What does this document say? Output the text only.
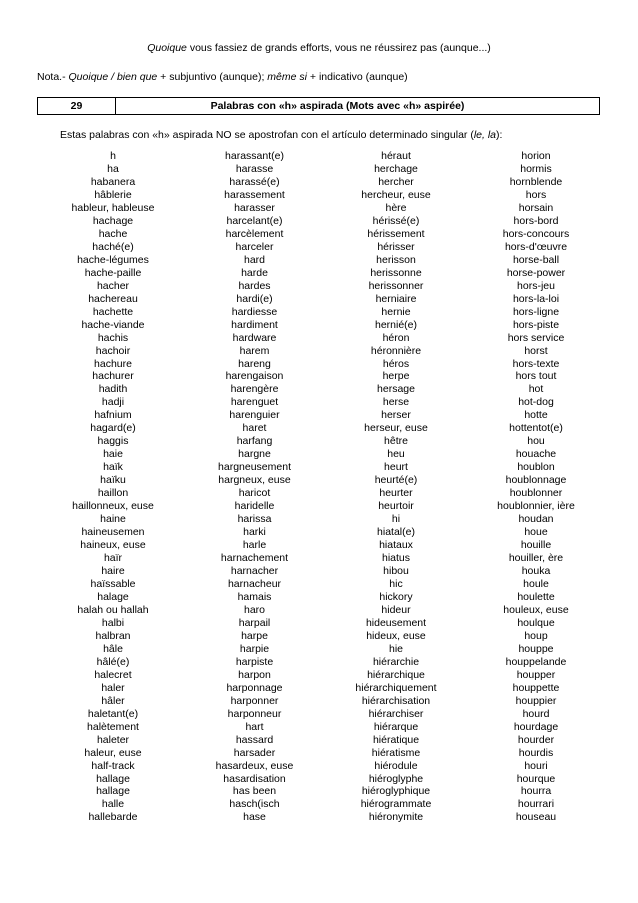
Quoique vous fassiez de grands efforts, vous ne réussirez pas (aunque...)
Nota.- Quoique / bien que + subjuntivo (aunque); même si + indicativo (aunque)
29	Palabras con «h» aspirada (Mots avec «h» aspirée)
Estas palabras con «h» aspirada NO se apostrofan con el artículo determinado singular (le, la):
h
ha
habanera
hâblerie
hableur, hableuse
hachage
hache
haché(e)
hache-légumes
hache-paille
hacher
hachereau
hachette
hache-viande
hachis
hachoir
hachure
hachurer
hadith
hadji
hafnium
hagard(e)
haggis
haie
haïk
haïku
haillon
haillonneux, euse
haine
haineusemen
haineux, euse
haïr
haire
haïssable
halage
halah ou hallah
halbi
halbran
hâle
hâlé(e)
halecret
haler
hâler
haletant(e)
halètement
haleter
haleur, euse
half-track
hallage
hallage
halle
hallebarde
harassant(e)
harasse
harassé(e)
harassement
harasser
harcelant(e)
harcèlement
harceler
hard
harde
hardes
hardi(e)
hardiesse
hardiment
hardware
harem
hareng
harengaison
harengère
harenguet
harenguier
haret
harfang
hargne
hargneusement
hargneux, euse
haricot
haridelle
harissa
harki
harle
harnachement
harnacher
harnacheur
hamais
haro
harpail
harpe
harpie
harpiste
harpon
harponnage
harponner
harponneur
hart
hassard
harsader
hasardeux, euse
hasardisation
has been
hasch(isch
hase
héraut
herchage
hercher
hercheur, euse
hère
hérissé(e)
hérissement
hérisser
herisson
herissonne
herissonner
herniaire
hernie
hernié(e)
héron
héronnière
héros
herpe
hersage
herse
herser
herseur, euse
hêtre
heu
heurt
heurté(e)
heurter
heurtoir
hi
hiatal(e)
hiataux
hiatus
hibou
hic
hickory
hideur
hideusement
hideux, euse
hie
hiérarchie
hiérarchique
hiérarchiquement
hiérarchisation
hiérarchiser
hiérarque
hiératique
hiératisme
hiérodule
hiéroglyphe
hiéroglyphique
hiérogrammate
hiéronymite
horion
hormis
hornblende
hors
horsain
hors-bord
hors-concours
hors-d'œuvre
horse-ball
horse-power
hors-jeu
hors-la-loi
hors-ligne
hors-piste
hors service
horst
hors-texte
hors tout
hot
hot-dog
hotte
hottentot(e)
hou
houache
houblon
houblonnage
houblonner
houblonnier, ière
houdan
houe
houille
houiller, ère
houka
houle
houlette
houleux, euse
houlque
houp
houppe
houppelande
houpper
houppette
houppier
hourd
hourdage
hourder
hourdis
houri
hourque
hourra
hourrari
houseau
